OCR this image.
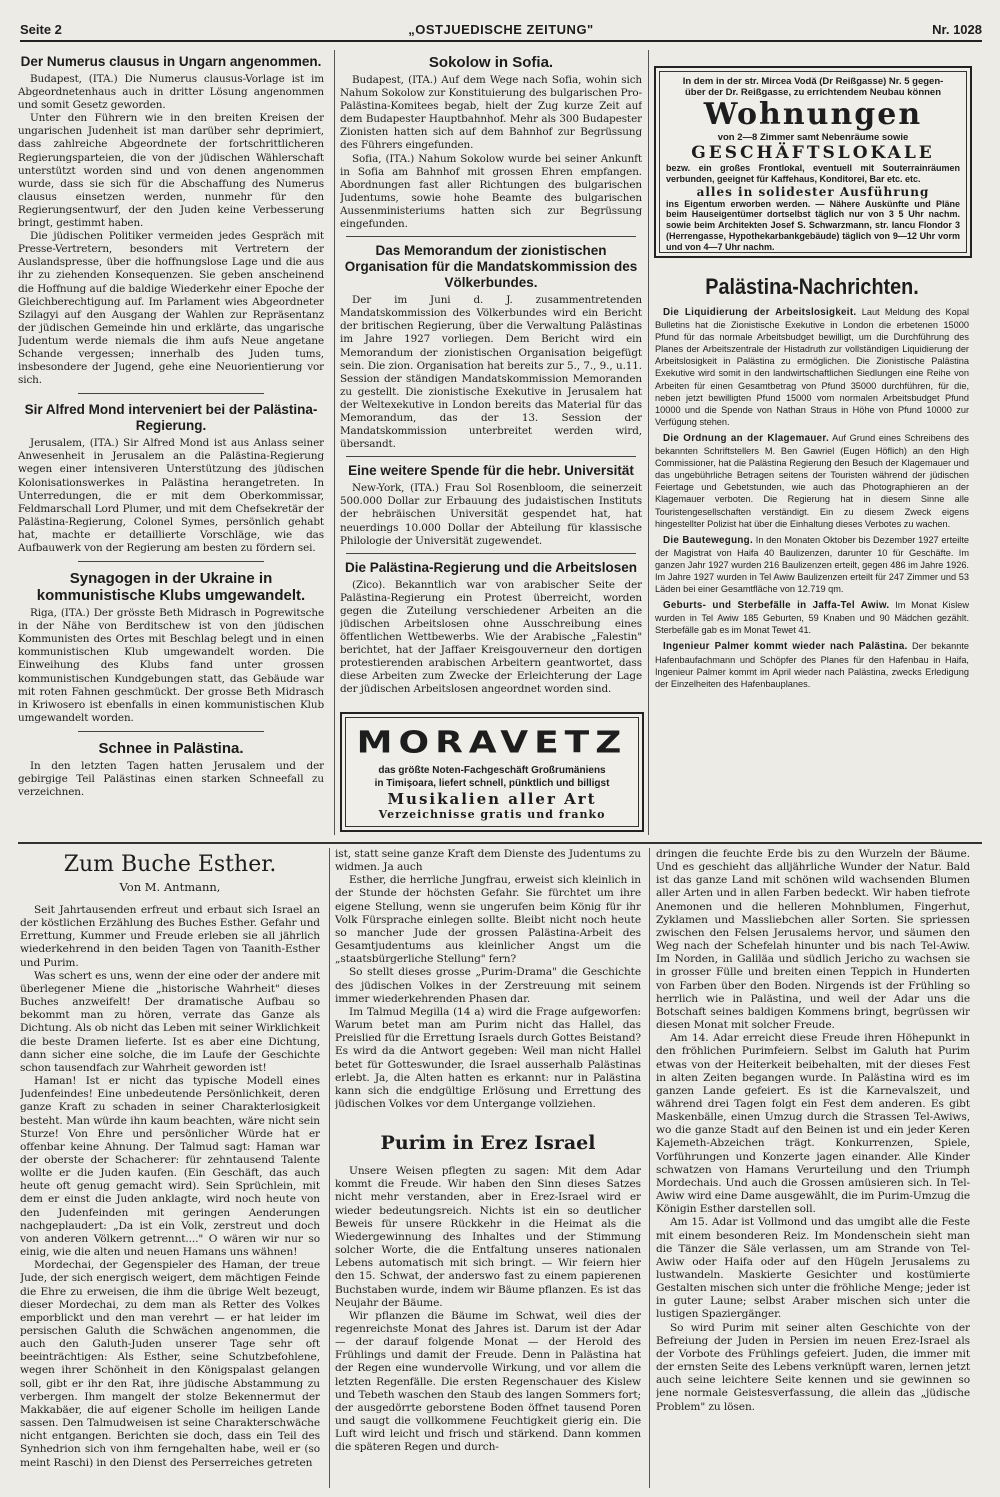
Seite 2	„OSTJUEDISCHE ZEITUNG"	Nr. 1028
Der Numerus clausus in Ungarn angenommen.

Budapest, (ITA.) Die Numerus clausus-Vorlage ist im Abgeordnetenhaus auch in dritter Lösung angenommen und somit Gesetz geworden.

Unter den Führern wie in den breiten Kreisen der ungarischen Judenheit ist man darüber sehr deprimiert, dass zahlreiche Abgeordnete der fortschrittlicheren Regierungsparteien, die von der jüdischen Wählerschaft unterstützt worden sind und von denen angenommen wurde, dass sie sich für die Abschaffung des Numerus clausus einsetzen werden, nunmehr für den Regierungsentwurf, der den Juden keine Verbesserung bringt, gestimmt haben.

Die jüdischen Politiker vermeiden jedes Gespräch mit Presse-Vertretern, besonders mit Vertretern der Auslandspresse, über die hoffnungslose Lage und die aus ihr zu ziehenden Konsequenzen. Sie geben anscheinend die Hoffnung auf die baldige Wiederkehr einer Epoche der Gleichberechtigung auf. Im Parlament wies Abgeordneter Szilagyi auf den Ausgang der Wahlen zur Repräsentanz der jüdischen Gemeinde hin und erklärte, das ungarische Judentum werde niemals die ihm aufs Neue angetane Schande vergessen; innerhalb des Juden tums, insbesondere der Jugend, gehe eine Neuorientierung vor sich.

Sir Alfred Mond interveniert bei der Palästina-Regierung.

Jerusalem, (ITA.) Sir Alfred Mond ist aus Anlass seiner Anwesenheit in Jerusalem an die Palästina-Regierung wegen einer intensiveren Unterstützung des jüdischen Kolonisationswerkes in Palästina herangetreten. In Unterredungen, die er mit dem Oberkommissar, Feldmarschall Lord Plumer, und mit dem Chefsekretär der Palästina-Regierung, Colonel Symes, persönlich gehabt hat, machte er detaillierte Vorschläge, wie das Aufbauwerk von der Regierung am besten zu fördern sei.

Synagogen in der Ukraine in kommunistische Klubs umgewandelt.

Riga, (ITA.) Der grösste Beth Midrasch in Pogrewitsche in der Nähe von Berditschew ist von den jüdischen Kommunisten des Ortes mit Beschlag belegt und in einen kommunistischen Klub umgewandelt worden. Die Einweihung des Klubs fand unter grossen kommunistischen Kundgebungen statt, das Gebäude war mit roten Fahnen geschmückt. Der grosse Beth Midrasch in Kriwosero ist ebenfalls in einen kommunistischen Klub umgewandelt worden.

Schnee in Palästina.

In den letzten Tagen hatten Jerusalem und der gebirgige Teil Palästinas einen starken Schneefall zu verzeichnen.

Sokolow in Sofia.

Budapest, (ITA.) Auf dem Wege nach Sofia, wohin sich Nahum Sokolow zur Konstituierung des bulgarischen Pro-Palästina-Komitees begab, hielt der Zug kurze Zeit auf dem Budapester Hauptbahnhof. Mehr als 300 Budapester Zionisten hatten sich auf dem Bahnhof zur Begrüssung des Führers eingefunden.

Sofia, (ITA.) Nahum Sokolow wurde bei seiner Ankunft in Sofia am Bahnhof mit grossen Ehren empfangen. Abordnungen fast aller Richtungen des bulgarischen Judentums, sowie hohe Beamte des bulgarischen Aussenministeriums hatten sich zur Begrüssung eingefunden.

Das Memorandum der zionistischen Organisation für die Mandatskommission des Völkerbundes.

Der im Juni d. J. zusammentretenden Mandatskommission des Völkerbundes wird ein Bericht der britischen Regierung, über die Verwaltung Palästinas im Jahre 1927 vorliegen. Dem Bericht wird ein Memorandum der zionistischen Organisation beigefügt sein. Die zion. Organisation hat bereits zur 5., 7., 9., u.11. Session der ständigen Mandatskommission Memoranden zu gestellt. Die zionistische Exekutive in Jerusalem hat der Weltexekutive in London bereits das Material für das Memorandum, das der 13. Session der Mandatskommission unterbreitet werden wird, übersandt.

Eine weitere Spende für die hebr. Universität

New-York, (ITA.) Frau Sol Rosenbloom, die seinerzeit 500.000 Dollar zur Erbauung des judaistischen Instituts der hebräischen Universität gespendet hat, hat neuerdings 10.000 Dollar der Abteilung für klassische Philologie der Universität zugewendet.

Die Palästina-Regierung und die Arbeitslosen

(Zico). Bekanntlich war von arabischer Seite der Palästina-Regierung ein Protest überreicht, worden gegen die Zuteilung verschiedener Arbeiten an die jüdischen Arbeitslosen ohne Ausschreibung eines öffentlichen Wettbewerbs. Wie der Arabische „Falestin" berichtet, hat der Jaffaer Kreisgouverneur den dortigen protestierenden arabischen Arbeitern geantwortet, dass diese Arbeiten zum Zwecke der Erleichterung der Lage der jüdischen Arbeitslosen angeordnet worden sind.

MORAVETZ
das größte Noten-Fachgeschäft Großrumäniens
in Timișoara, liefert schnell, pünktlich und billigst
Musikalien aller Art
Verzeichnisse gratis und franko
In dem in der str. Mircea Vodă (Dr Reißgasse) Nr. 5 gegen-
über der Dr. Reißgasse, zu errichtendem Neubau können
Wohnungen
von 2—8 Zimmer samt Nebenräume sowie
GESCHÄFTSLOKALE
bezw. ein großes Frontlokal, eventuell mit Souterrainräumen verbunden, geeignet für Kaffehaus, Konditorei, Bar etc. etc.
alles in solidester Ausführung
ins Eigentum erworben werden. — Nähere Auskünfte und Pläne beim Hauseigentümer dortselbst täglich nur von 3 5 Uhr nachm. sowie beim Architekten Josef S. Schwarzmann, str. Iancu Flondor 3 (Herrengasse, Hypothekarbankgebäude) täglich von 9—12 Uhr vorm und von 4—7 Uhr nachm.
Palästina-Nachrichten.

Die Liquidierung der Arbeitslosigkeit. Laut Meldung des Kopal Bulletins hat die Zionistische Exekutive in London die erbetenen 15000 Pfund für das normale Arbeitsbudget bewilligt, um die Durchführung des Planes der Arbeitszentrale der Histadruth zur vollständigen Liquidierung der Arbeitslosigkeit in Palästina zu ermöglichen. Die Zionistische Palästina Exekutive wird somit in den landwirtschaftlichen Siedlungen eine Reihe von Arbeiten für einen Gesamtbetrag von Pfund 35000 durchführen, für die, neben jetzt bewilligten Pfund 15000 vom normalen Arbeitsbudget Pfund 10000 und die Spende von Nathan Straus in Höhe von Pfund 10000 zur Verfügung stehen.

Die Ordnung an der Klagemauer. Auf Grund eines Schreibens des bekannten Schriftstellers M. Ben Gawriel (Eugen Höflich) an den High Commissioner, hat die Palästina Regierung den Besuch der Klagemauer und das ungebührliche Betragen seitens der Touristen während der jüdischen Feiertage und Gebetstunden, wie auch das Photographieren an der Klagemauer verboten. Die Regierung hat in diesem Sinne alle Touristengesellschaften verständigt. Ein zu diesem Zweck eigens hingestellter Polizist hat über die Einhaltung dieses Verbotes zu wachen.

Die Bautewegung. In den Monaten Oktober bis Dezember 1927 erteilte der Magistrat von Haifa 40 Baulizenzen, darunter 10 für Geschäfte. Im ganzen Jahr 1927 wurden 216 Baulizenzen erteilt, gegen 486 im Jahre 1926. Im Jahre 1927 wurden in Tel Awiw Baulizenzen erteilt für 247 Zimmer und 53 Läden bei einer Gesamtfläche von 12.719 qm.

Geburts- und Sterbefälle in Jaffa-Tel Awiw. Im Monat Kislew wurden in Tel Awiw 185 Geburten, 59 Knaben und 90 Mädchen gezählt. Sterbefälle gab es im Monat Tewet 41.

Ingenieur Palmer kommt wieder nach Palästina. Der bekannte Hafenbaufachmann und Schöpfer des Planes für den Hafenbau in Haifa, Ingenieur Palmer kommt im April wieder nach Palästina, zwecks Erledigung der Einzelheiten des Hafenbauplanes.

Zum Buche Esther.
Von M. Antmann,

Seit Jahrtausenden erfreut und erbaut sich Israel an der köstlichen Erzählung des Buches Esther. Gefahr und Errettung, Kummer und Freude erleben sie all jährlich wiederkehrend in den beiden Tagen von Taanith-Esther und Purim.

Was schert es uns, wenn der eine oder der andere mit überlegener Miene die „historische Wahrheit" dieses Buches anzweifelt! Der dramatische Aufbau so bekommt man zu hören, verrate das Ganze als Dichtung. Als ob nicht das Leben mit seiner Wirklichkeit die beste Dramen lieferte. Ist es aber eine Dichtung, dann sicher eine solche, die im Laufe der Geschichte schon tausendfach zur Wahrheit geworden ist!

Haman! Ist er nicht das typische Modell eines Judenfeindes! Eine unbedeutende Persönlichkeit, deren ganze Kraft zu schaden in seiner Charakterlosigkeit besteht. Man würde ihn kaum beachten, wäre nicht sein Sturze! Von Ehre und persönlicher Würde hat er offenbar keine Ahnung. Der Talmud sagt: Haman war der oberste der Schacherer: für zehntausend Talente wollte er die Juden kaufen. (Ein Geschäft, das auch heute oft genug gemacht wird). Sein Sprüchlein, mit dem er einst die Juden anklagte, wird noch heute von den Judenfeinden mit geringen Aenderungen nachgeplaudert: „Da ist ein Volk, zerstreut und doch von anderen Völkern getrennt...." O wären wir nur so einig, wie die alten und neuen Hamans uns wähnen!

Mordechai, der Gegenspieler des Haman, der treue Jude, der sich energisch weigert, dem mächtigen Feinde die Ehre zu erweisen, die ihm die übrige Welt bezeugt, dieser Mordechai, zu dem man als Retter des Volkes emporblickt und den man verehrt — er hat leider im persischen Galuth die Schwächen angenommen, die auch den Galuth-Juden unserer Tage sehr oft beeinträchtigen: Als Esther, seine Schutzbefohlene, wegen ihrer Schönheit in den Königspalast gelangen soll, gibt er ihr den Rat, ihre jüdische Abstammung zu verbergen. Ihm mangelt der stolze Bekennermut der Makkabäer, die auf eigener Scholle im heiligen Lande sassen. Den Talmudweisen ist seine Charakterschwäche nicht entgangen. Berichten sie doch, dass ein Teil des Synhedrion sich von ihm ferngehalten habe, weil er (so meint Raschi) in den Dienst des Perserreiches getreten

ist, statt seine ganze Kraft dem Dienste des Judentums zu widmen. Ja auch

Esther, die herrliche Jungfrau, erweist sich kleinlich in der Stunde der höchsten Gefahr. Sie fürchtet um ihre eigene Stellung, wenn sie ungerufen beim König für ihr Volk Fürsprache einlegen sollte. Bleibt nicht noch heute so mancher Jude der grossen Palästina-Arbeit des Gesamtjudentums aus kleinlicher Angst um die „staatsbürgerliche Stellung" fern?

So stellt dieses grosse „Purim-Drama" die Geschichte des jüdischen Volkes in der Zerstreuung mit seinem immer wiederkehrenden Phasen dar.

Im Talmud Megilla (14 a) wird die Frage aufgeworfen: Warum betet man am Purim nicht das Hallel, das Preislied für die Errettung Israels durch Gottes Beistand? Es wird da die Antwort gegeben: Weil man nicht Hallel betet für Gotteswunder, die Israel ausserhalb Palästinas erlebt. Ja, die Alten hatten es erkannt: nur in Palästina kann sich die endgültige Erlösung und Errettung des jüdischen Volkes vor dem Untergange vollziehen.

Purim in Erez Israel

Unsere Weisen pflegten zu sagen: Mit dem Adar kommt die Freude. Wir haben den Sinn dieses Satzes nicht mehr verstanden, aber in Erez-Israel wird er wieder bedeutungsreich. Nichts ist ein so deutlicher Beweis für unsere Rückkehr in die Heimat als die Wiedergewinnung des Inhaltes und der Stimmung solcher Worte, die die Entfaltung unseres nationalen Lebens automatisch mit sich bringt. — Wir feiern hier den 15. Schwat, der anderswo fast zu einem papierenen Buchstaben wurde, indem wir Bäume pflanzen. Es ist das Neujahr der Bäume.

Wir pflanzen die Bäume im Schwat, weil dies der regenreichste Monat des Jahres ist. Darum ist der Adar — der darauf folgende Monat — der Herold des Frühlings und damit der Freude. Denn in Palästina hat der Regen eine wundervolle Wirkung, und vor allem die letzten Regenfälle. Die ersten Regenschauer des Kislew und Tebeth waschen den Staub des langen Sommers fort; der ausgedörrte geborstene Boden öffnet tausend Poren und saugt die vollkommene Feuchtigkeit gierig ein. Die Luft wird leicht und frisch und stärkend. Dann kommen die späteren Regen und durch-

dringen die feuchte Erde bis zu den Wurzeln der Bäume. Und es geschieht das alljährliche Wunder der Natur. Bald ist das ganze Land mit schönen wild wachsenden Blumen aller Arten und in allen Farben bedeckt. Wir haben tiefrote Anemonen und die helleren Mohnblumen, Fingerhut, Zyklamen und Massliebchen aller Sorten. Sie spriessen zwischen den Felsen Jerusalems hervor, und säumen den Weg nach der Schefelah hinunter und bis nach Tel-Awiw. Im Norden, in Galiläa und südlich Jericho zu wachsen sie in grosser Fülle und breiten einen Teppich in Hunderten von Farben über den Boden. Nirgends ist der Frühling so herrlich wie in Palästina, und weil der Adar uns die Botschaft seines baldigen Kommens bringt, begrüssen wir diesen Monat mit solcher Freude.

Am 14. Adar erreicht diese Freude ihren Höhepunkt in den fröhlichen Purimfeiern. Selbst im Galuth hat Purim etwas von der Heiterkeit beibehalten, mit der dieses Fest in alten Zeiten begangen wurde. In Palästina wird es im ganzen Lande gefeiert. Es ist die Karnevalszeit, und während drei Tagen folgt ein Fest dem anderen. Es gibt Maskenbälle, einen Umzug durch die Strassen Tel-Awiws, wo die ganze Stadt auf den Beinen ist und ein jeder Keren Kajemeth-Abzeichen trägt. Konkurrenzen, Spiele, Vorführungen und Konzerte jagen einander. Alle Kinder schwatzen von Hamans Verurteilung und den Triumph Mordechais. Und auch die Grossen amüsieren sich. In Tel-Awiw wird eine Dame ausgewählt, die im Purim-Umzug die Königin Esther darstellen soll.

Am 15. Adar ist Vollmond und das umgibt alle die Feste mit einem besonderen Reiz. Im Mondenschein sieht man die Tänzer die Säle verlassen, um am Strande von Tel-Awiw oder Haifa oder auf den Hügeln Jerusalems zu lustwandeln. Maskierte Gesichter und kostümierte Gestalten mischen sich unter die fröhliche Menge; jeder ist in guter Laune; selbst Araber mischen sich unter die lustigen Spaziergänger.

So wird Purim mit seiner alten Geschichte von der Befreiung der Juden in Persien im neuen Erez-Israel als der Vorbote des Frühlings gefeiert. Juden, die immer mit der ernsten Seite des Lebens verknüpft waren, lernen jetzt auch seine leichtere Seite kennen und sie gewinnen so jene normale Geistesverfassung, die allein das „jüdische Problem" zu lösen.
